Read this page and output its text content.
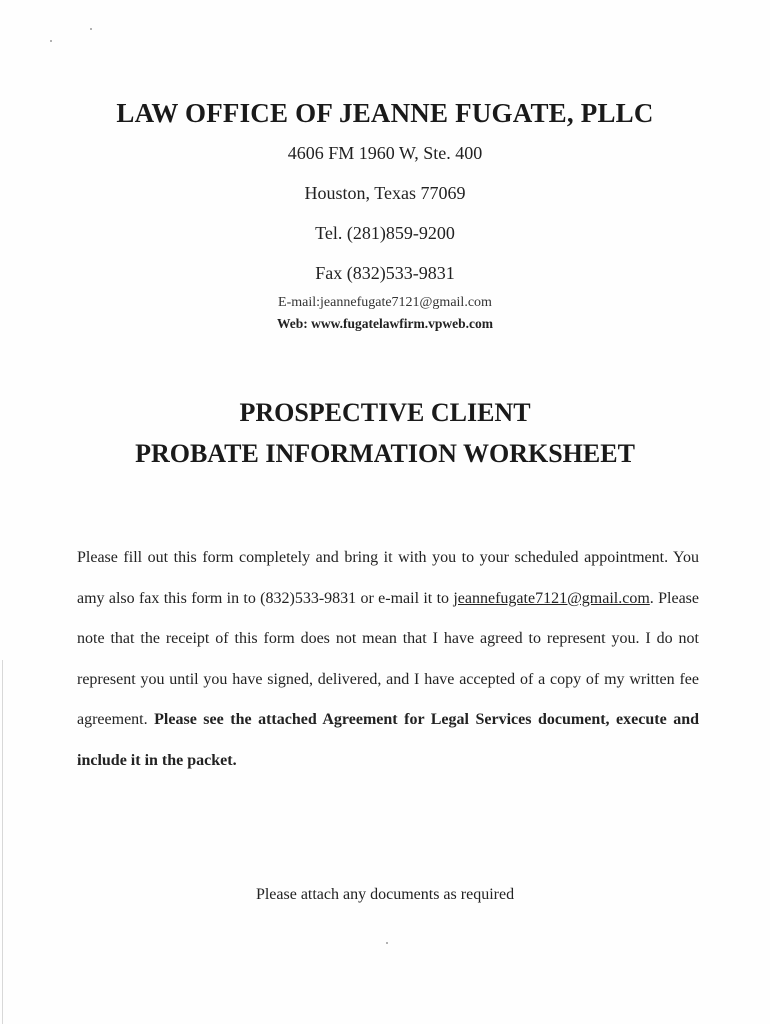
LAW OFFICE OF JEANNE FUGATE, PLLC
4606 FM 1960 W, Ste. 400
Houston, Texas 77069
Tel. (281)859-9200
Fax (832)533-9831
E-mail:jeannefugate7121@gmail.com
Web: www.fugatelawfirm.vpweb.com
PROSPECTIVE CLIENT
PROBATE INFORMATION WORKSHEET
Please fill out this form completely and bring it with you to your scheduled appointment. You amy also fax this form in to (832)533-9831 or e-mail it to jeannefugate7121@gmail.com. Please note that the receipt of this form does not mean that I have agreed to represent you. I do not represent you until you have signed, delivered, and I have accepted of a copy of my written fee agreement. Please see the attached Agreement for Legal Services document, execute and include it in the packet.
Please attach any documents as required
